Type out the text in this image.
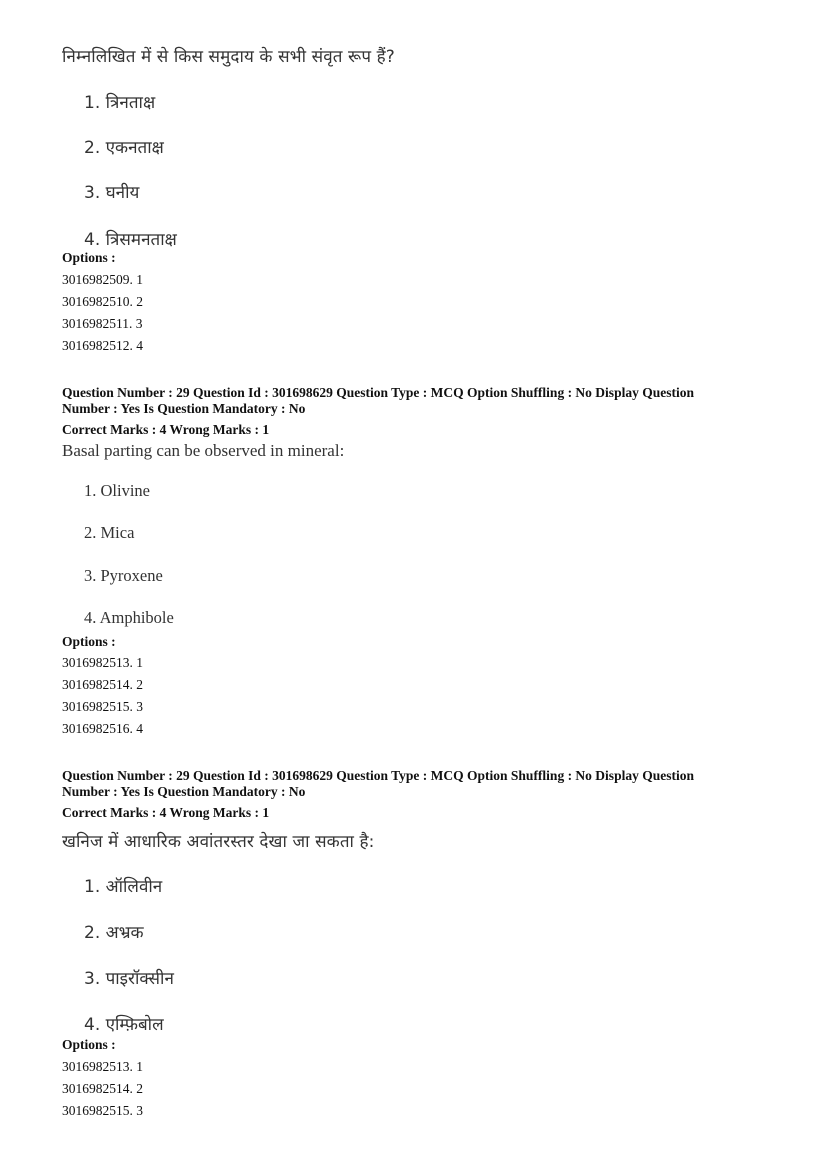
निम्नलिखित में से किस समुदाय के सभी संवृत रूप हैं?
1. त्रिनताक्ष
2. एकनताक्ष
3. घनीय
4. त्रिसमनताक्ष
Options :
3016982509. 1
3016982510. 2
3016982511. 3
3016982512. 4
Question Number : 29 Question Id : 301698629 Question Type : MCQ Option Shuffling : No Display Question
Number : Yes Is Question Mandatory : No
Correct Marks : 4 Wrong Marks : 1
Basal parting can be observed in mineral:
1. Olivine
2. Mica
3. Pyroxene
4. Amphibole
Options :
3016982513. 1
3016982514. 2
3016982515. 3
3016982516. 4
Question Number : 29 Question Id : 301698629 Question Type : MCQ Option Shuffling : No Display Question
Number : Yes Is Question Mandatory : No
Correct Marks : 4 Wrong Marks : 1
खनिज में आधारिक अवांतरस्तर देखा जा सकता है:
1. ऑलिवीन
2. अभ्रक
3. पाइरॉक्सीन
4. एम्फ़िबोल
Options :
3016982513. 1
3016982514. 2
3016982515. 3
